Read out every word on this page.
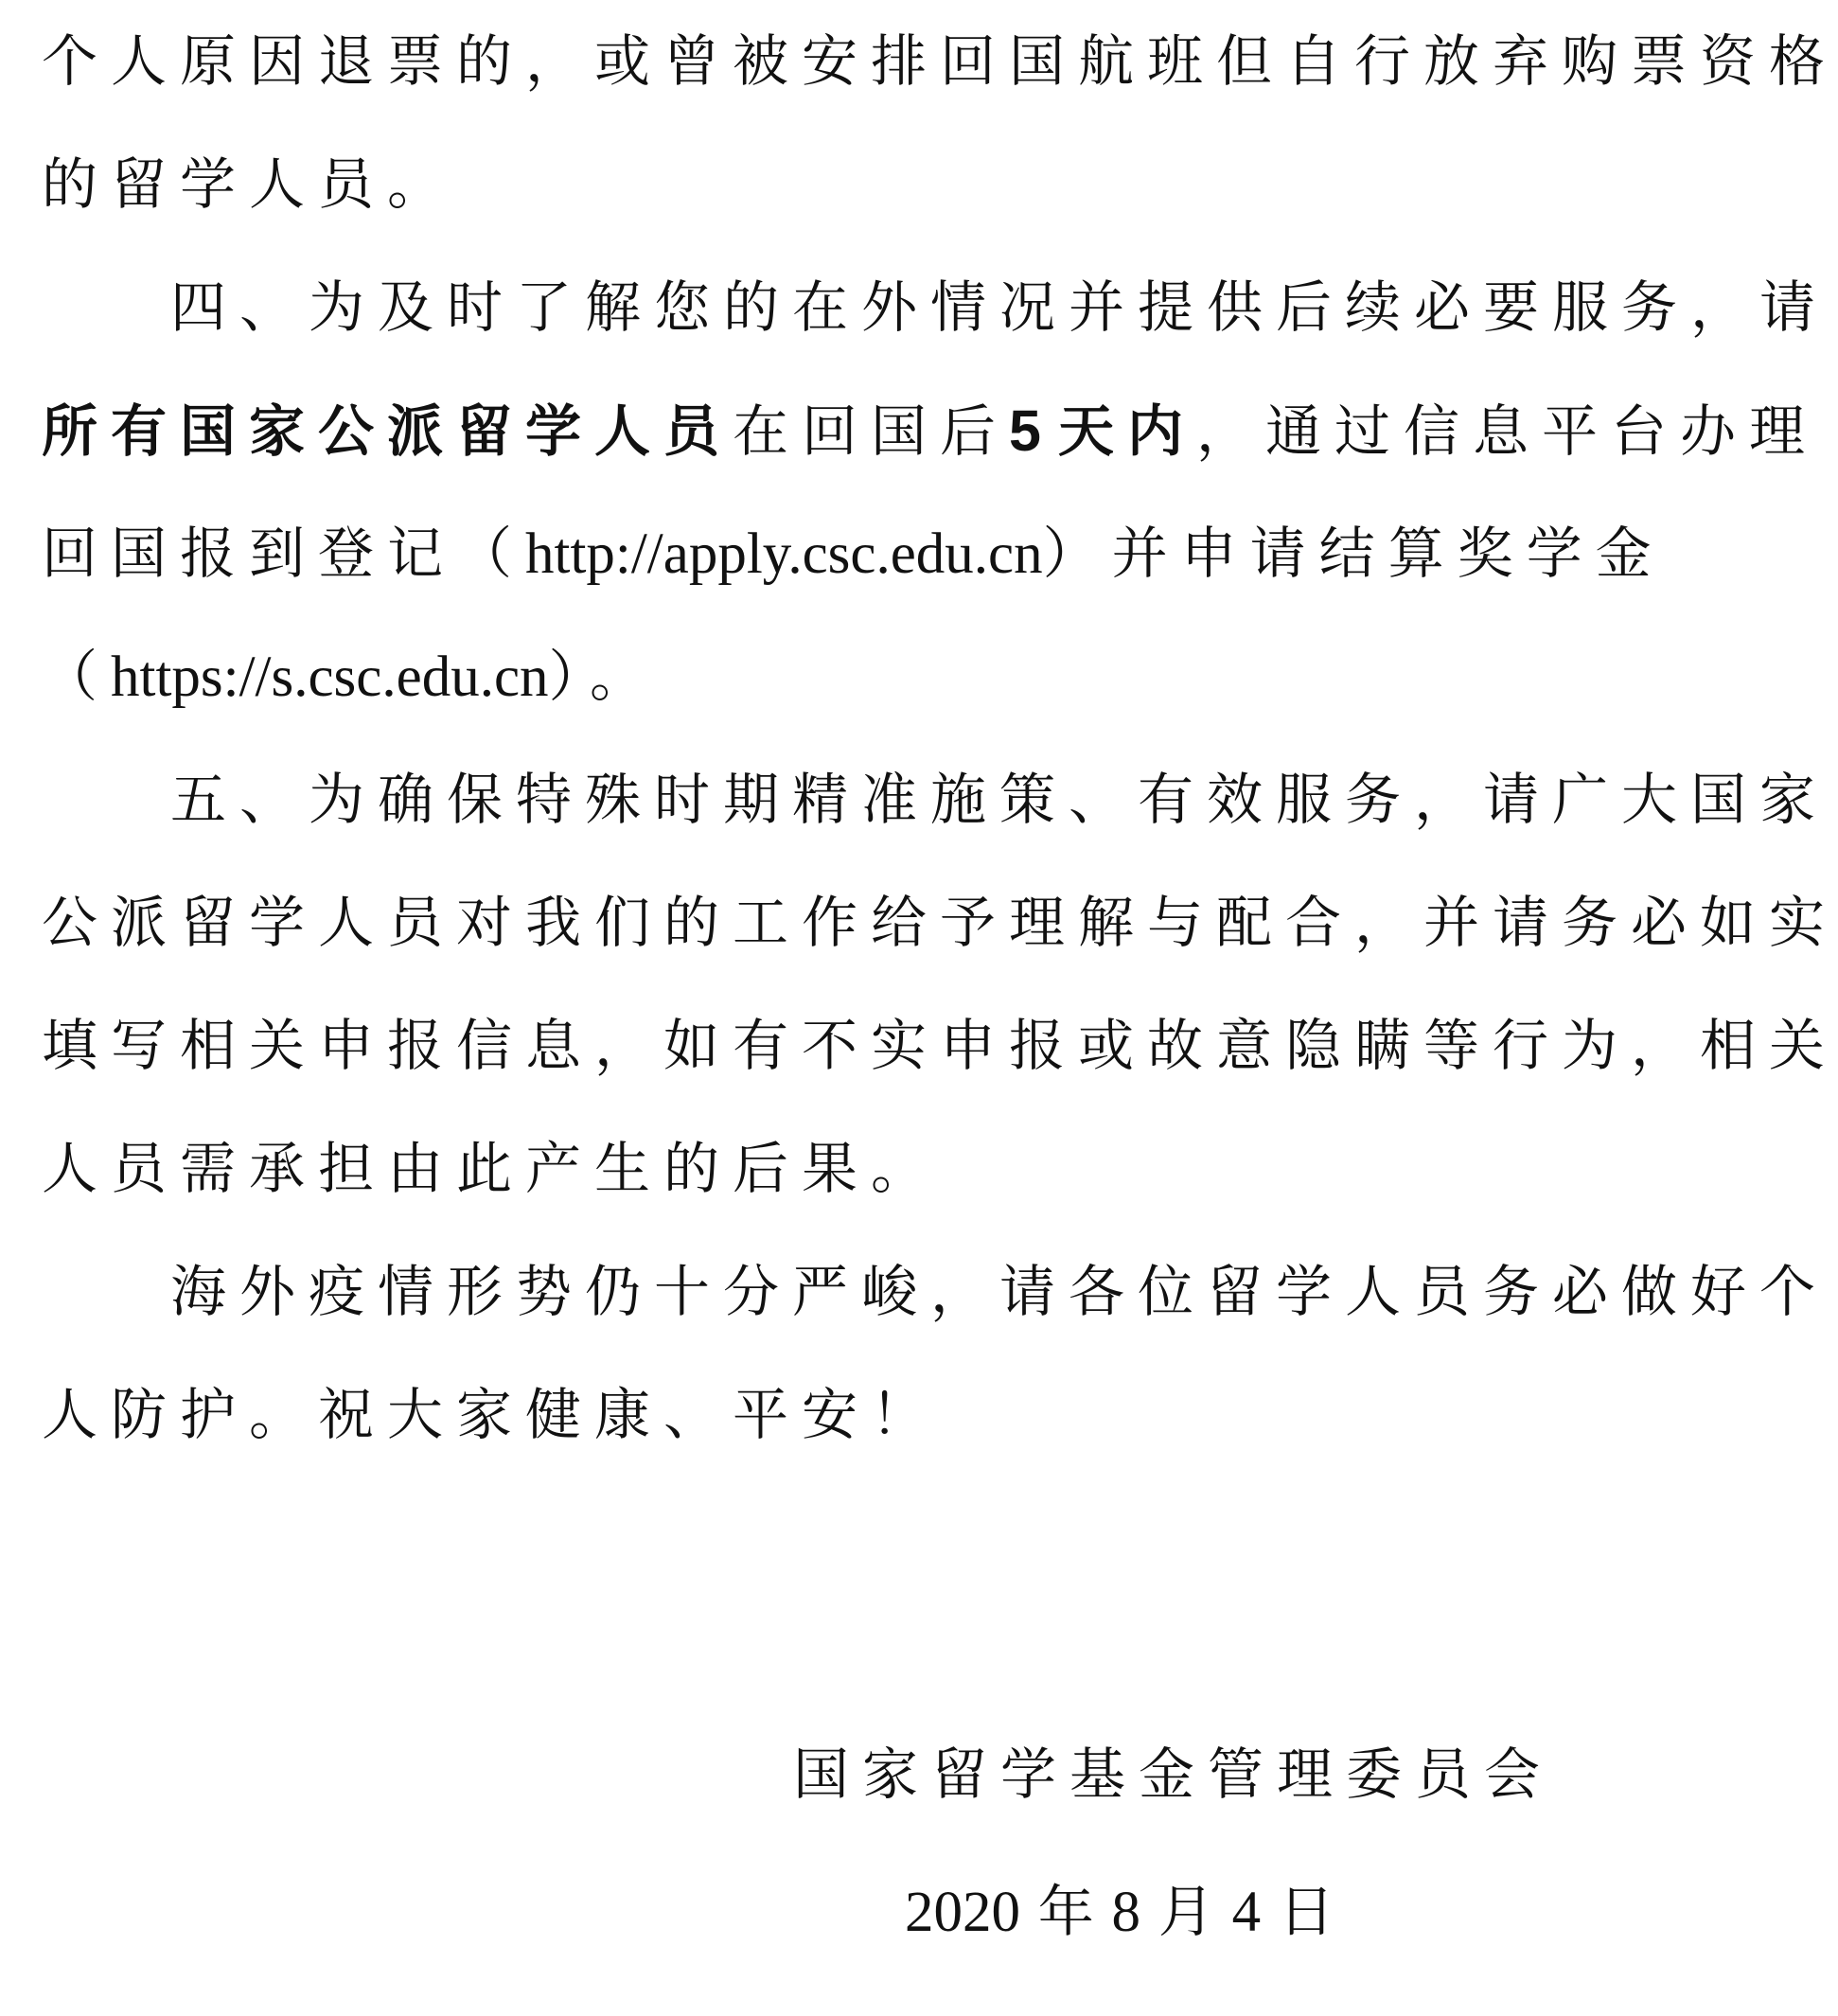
个人原因退票的，或曾被安排回国航班但自行放弃购票资格
的留学人员。
四、为及时了解您的在外情况并提供后续必要服务，请
所有国家公派留学人员在回国后5 天内，通过信息平台办理
回国报到登记（http://apply.csc.edu.cn）并申请结算奖学金
（https://s.csc.edu.cn）。
五、为确保特殊时期精准施策、有效服务，请广大国家
公派留学人员对我们的工作给予理解与配合，并请务必如实
填写相关申报信息，如有不实申报或故意隐瞒等行为，相关
人员需承担由此产生的后果。
海外疫情形势仍十分严峻，请各位留学人员务必做好个
人防护。祝大家健康、平安！
国家留学基金管理委员会
2020 年 8 月 4 日
